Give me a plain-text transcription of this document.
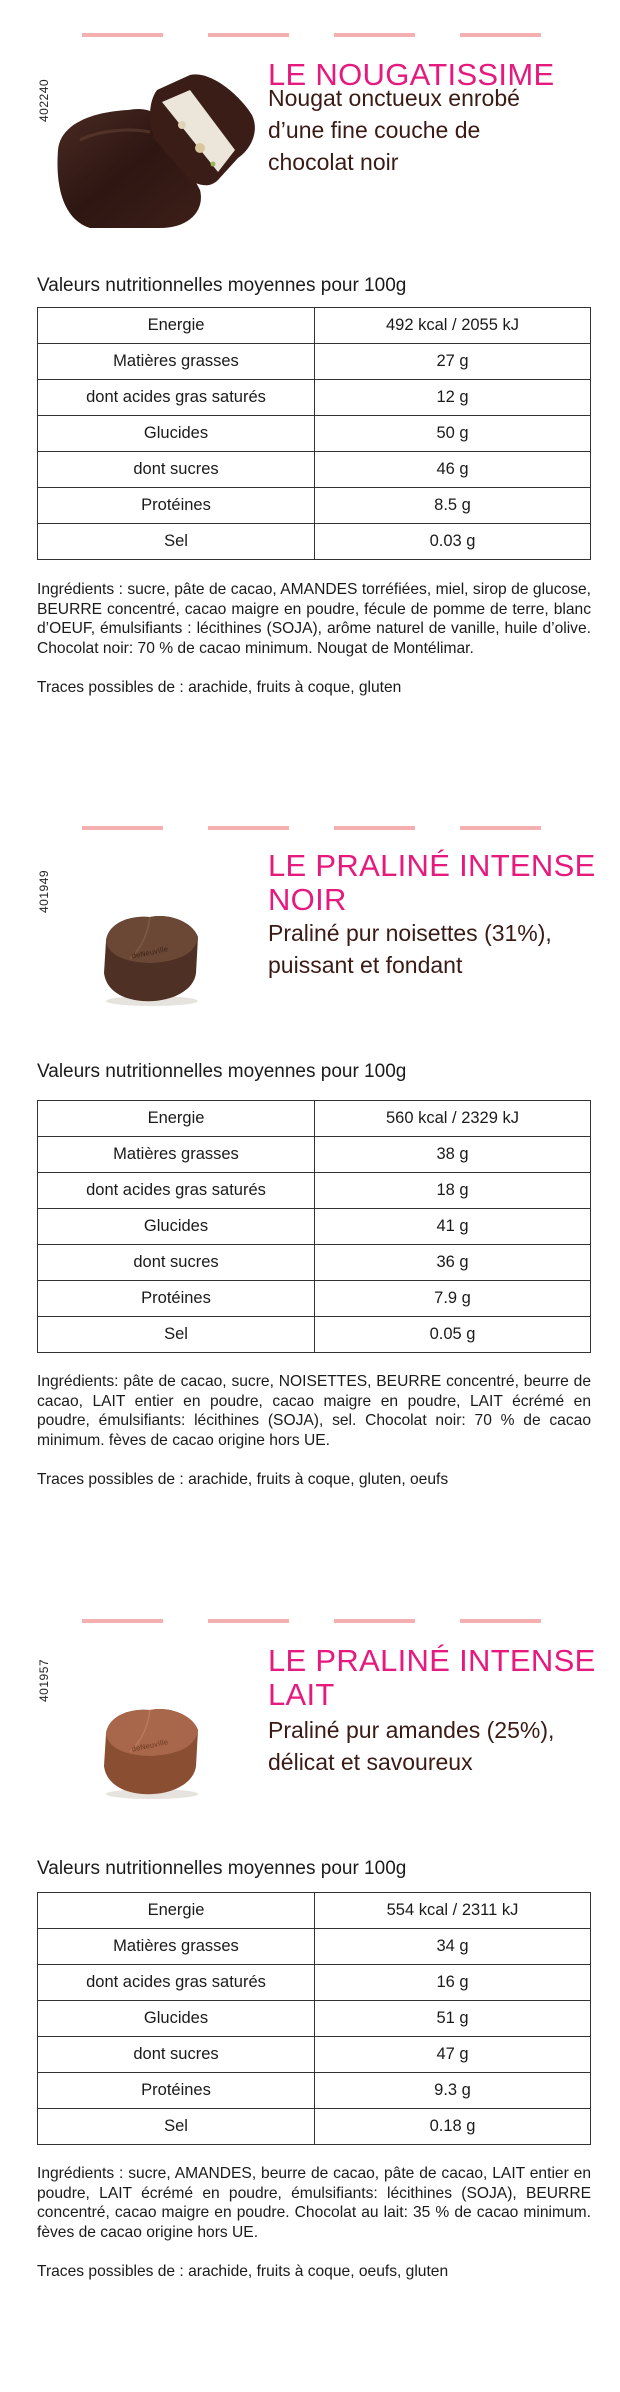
402240
LE NOUGATISSIME
Nougat onctueux enrobé
d’une fine couche de
chocolat noir
Valeurs nutritionnelles moyennes pour 100g
Energie	492 kcal / 2055 kJ
Matières grasses	27 g
dont acides gras saturés	12 g
Glucides	50 g
dont sucres	46 g
Protéines	8.5 g
Sel	0.03 g
Ingrédients : sucre, pâte de cacao, AMANDES torréfiées, miel, sirop de glucose, BEURRE concentré, cacao maigre en poudre, fécule de pomme de terre, blanc d’OEUF, émulsifiants : lécithines (SOJA), arôme naturel de vanille, huile d’olive. Chocolat noir: 70 % de cacao minimum. Nougat de Montélimar.
Traces possibles de : arachide, fruits à coque, gluten
401949
deNeuville
LE PRALINÉ INTENSE
NOIR
Praliné pur noisettes (31%),
puissant et fondant
Valeurs nutritionnelles moyennes pour 100g
Energie	560 kcal / 2329 kJ
Matières grasses	38 g
dont acides gras saturés	18 g
Glucides	41 g
dont sucres	36 g
Protéines	7.9 g
Sel	0.05 g
Ingrédients: pâte de cacao, sucre, NOISETTES, BEURRE concentré, beurre de cacao, LAIT entier en poudre, cacao maigre en poudre, LAIT écrémé en poudre, émulsifiants: lécithines (SOJA), sel. Chocolat noir: 70 % de cacao minimum. fèves de cacao origine hors UE.
Traces possibles de : arachide, fruits à coque, gluten, oeufs
401957
deNeuville
LE PRALINÉ INTENSE
LAIT
Praliné pur amandes (25%),
délicat et savoureux
Valeurs nutritionnelles moyennes pour 100g
Energie	554 kcal / 2311 kJ
Matières grasses	34 g
dont acides gras saturés	16 g
Glucides	51 g
dont sucres	47 g
Protéines	9.3 g
Sel	0.18 g
Ingrédients : sucre, AMANDES, beurre de cacao, pâte de cacao, LAIT entier en poudre, LAIT écrémé en poudre, émulsifiants: lécithines (SOJA), BEURRE concentré, cacao maigre en poudre. Chocolat au lait: 35 % de cacao minimum. fèves de cacao origine hors UE.
Traces possibles de : arachide, fruits à coque, oeufs, gluten
